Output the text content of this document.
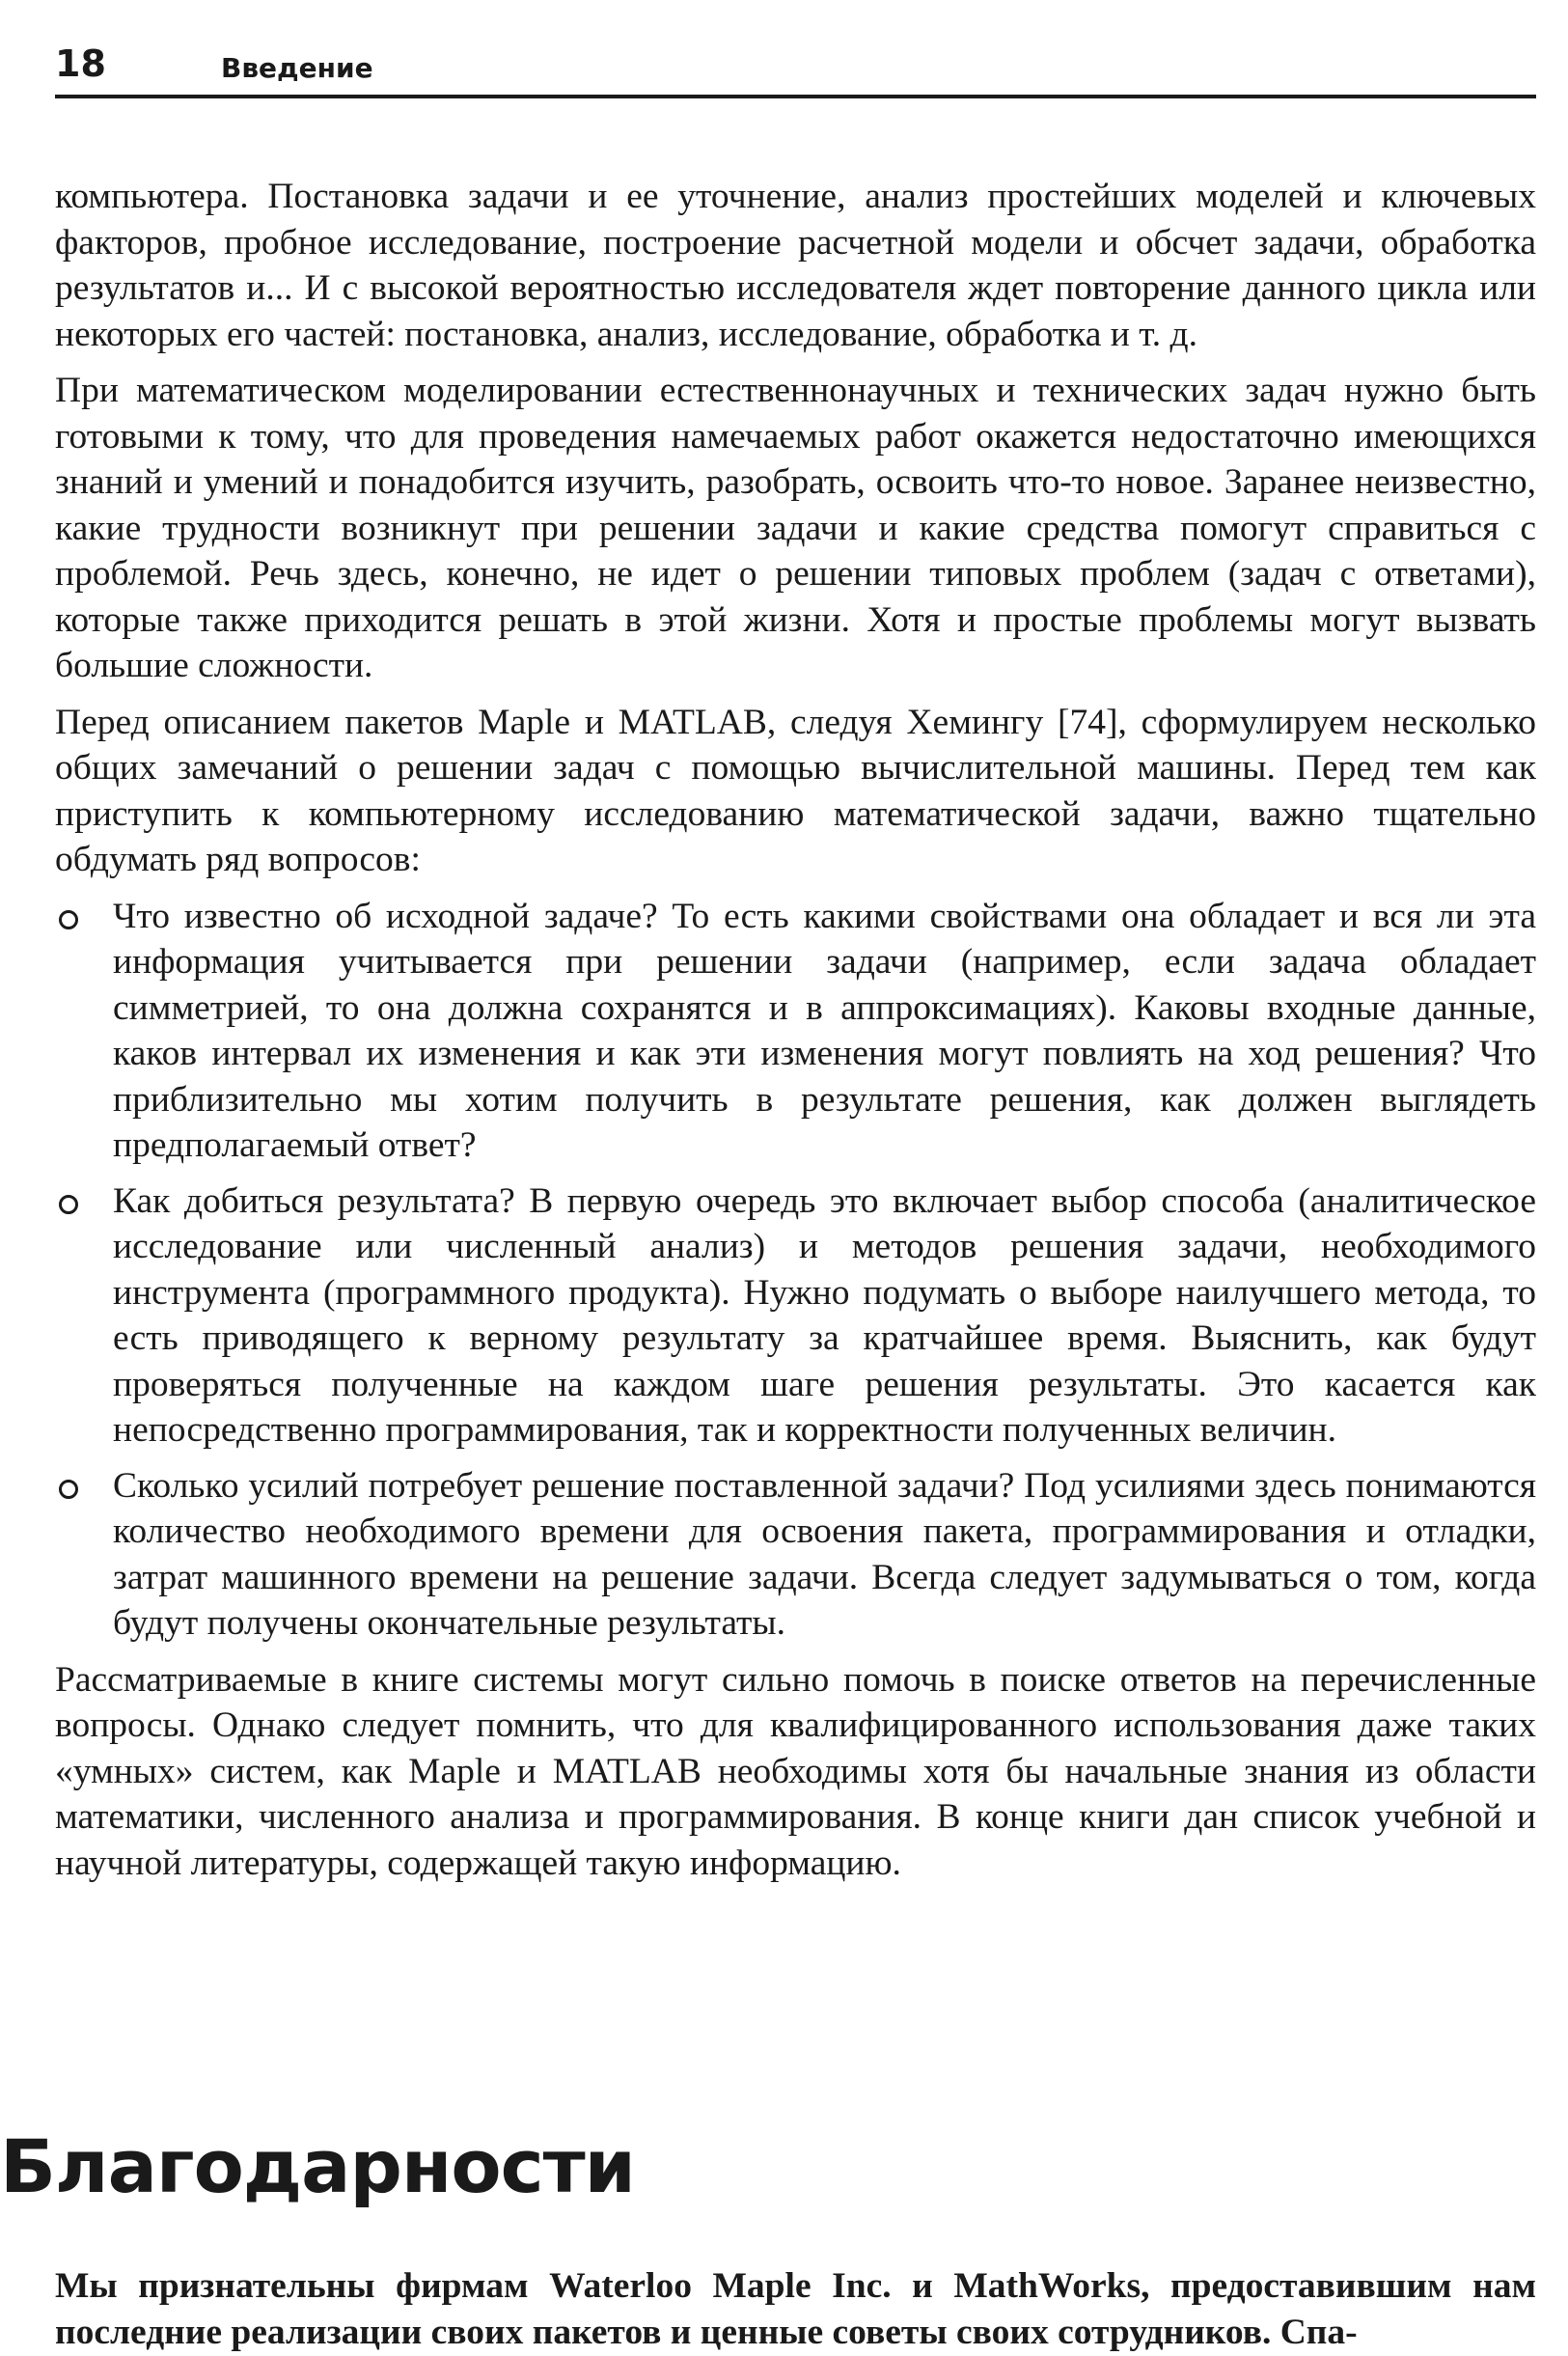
18	Введение

компьютера. Постановка задачи и ее уточнение, анализ простейших моделей и ключевых факторов, пробное исследование, построение расчетной модели и обсчет задачи, обработка результатов и... И с высокой вероятностью исследователя ждет повторение данного цикла или некоторых его частей: постановка, анализ, исследование, обработка и т. д.

При математическом моделировании естественнонаучных и технических задач нужно быть готовыми к тому, что для проведения намечаемых работ окажется недостаточно имеющихся знаний и умений и понадобится изучить, разобрать, освоить что-то новое. Заранее неизвестно, какие трудности возникнут при решении задачи и какие средства помогут справиться с проблемой. Речь здесь, конечно, не идет о решении типовых проблем (задач с ответами), которые также приходится решать в этой жизни. Хотя и простые проблемы могут вызвать большие сложности.

Перед описанием пакетов Maple и MATLAB, следуя Хемингу [74], сформулируем несколько общих замечаний о решении задач с помощью вычислительной машины. Перед тем как приступить к компьютерному исследованию математической задачи, важно тщательно обдумать ряд вопросов:

Что известно об исходной задаче? То есть какими свойствами она обладает и вся ли эта информация учитывается при решении задачи (например, если задача обладает симметрией, то она должна сохранятся и в аппроксимациях). Каковы входные данные, каков интервал их изменения и как эти изменения могут повлиять на ход решения? Что приблизительно мы хотим получить в результате решения, как должен выглядеть предполагаемый ответ?
Как добиться результата? В первую очередь это включает выбор способа (аналитическое исследование или численный анализ) и методов решения задачи, необходимого инструмента (программного продукта). Нужно подумать о выборе наилучшего метода, то есть приводящего к верному результату за кратчайшее время. Выяснить, как будут проверяться полученные на каждом шаге решения результаты. Это касается как непосредственно программирования, так и корректности полученных величин.
Сколько усилий потребует решение поставленной задачи? Под усилиями здесь понимаются количество необходимого времени для освоения пакета, программирования и отладки, затрат машинного времени на решение задачи. Всегда следует задумываться о том, когда будут получены окончательные результаты.

Рассматриваемые в книге системы могут сильно помочь в поиске ответов на перечисленные вопросы. Однако следует помнить, что для квалифицированного использования даже таких «умных» систем, как Maple и MATLAB необходимы хотя бы начальные знания из области математики, численного анализа и программирования. В конце книги дан список учебной и научной литературы, содержащей такую информацию.

Благодарности

Мы признательны фирмам Waterloo Maple Inc. и MathWorks, предоставившим нам последние реализации своих пакетов и ценные советы своих сотрудников. Спа-
